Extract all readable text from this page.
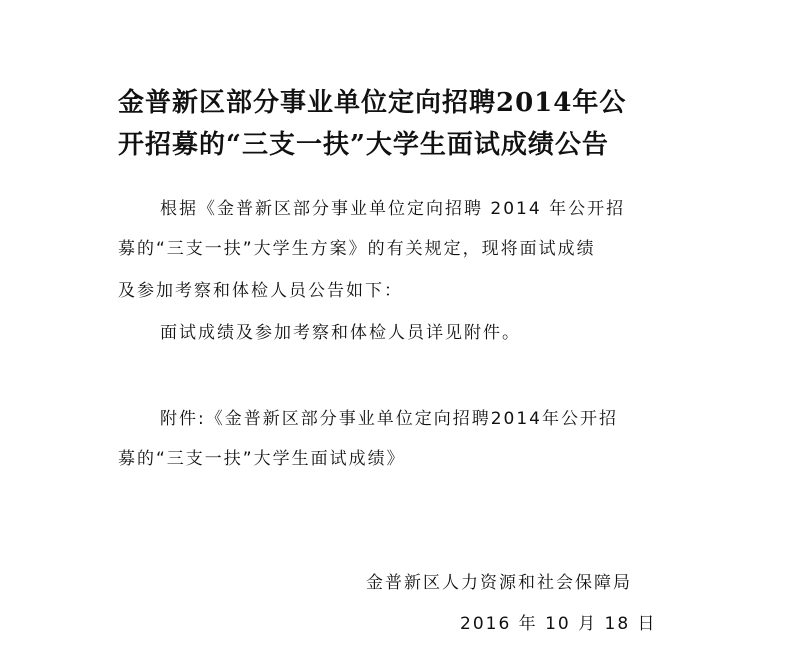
金普新区部分事业单位定向招聘2014年公
开招募的“三支一扶”大学生面试成绩公告
根据《金普新区部分事业单位定向招聘 2014 年公开招
募的“三支一扶”大学生方案》的有关规定，现将面试成绩
及参加考察和体检人员公告如下：
面试成绩及参加考察和体检人员详见附件。
附件:《金普新区部分事业单位定向招聘2014年公开招
募的“三支一扶”大学生面试成绩》
金普新区人力资源和社会保障局
2016 年 10 月 18 日
